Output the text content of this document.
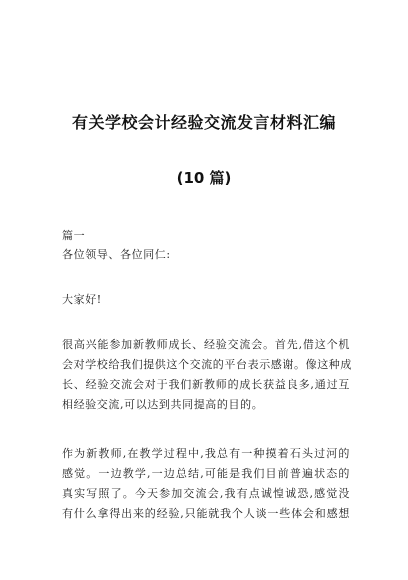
有关学校会计经验交流发言材料汇编
(10 篇)
篇一
各位领导、各位同仁:
大家好!
很高兴能参加新教师成长、经验交流会。首先,借这个机
会对学校给我们提供这个交流的平台表示感谢。像这种成
长、经验交流会对于我们新教师的成长获益良多,通过互
相经验交流,可以达到共同提高的目的。
作为新教师,在教学过程中,我总有一种摸着石头过河的
感觉。一边教学,一边总结,可能是我们目前普遍状态的
真实写照了。今天参加交流会,我有点诚惶诚恐,感觉没
有什么拿得出来的经验,只能就我个人谈一些体会和感想
